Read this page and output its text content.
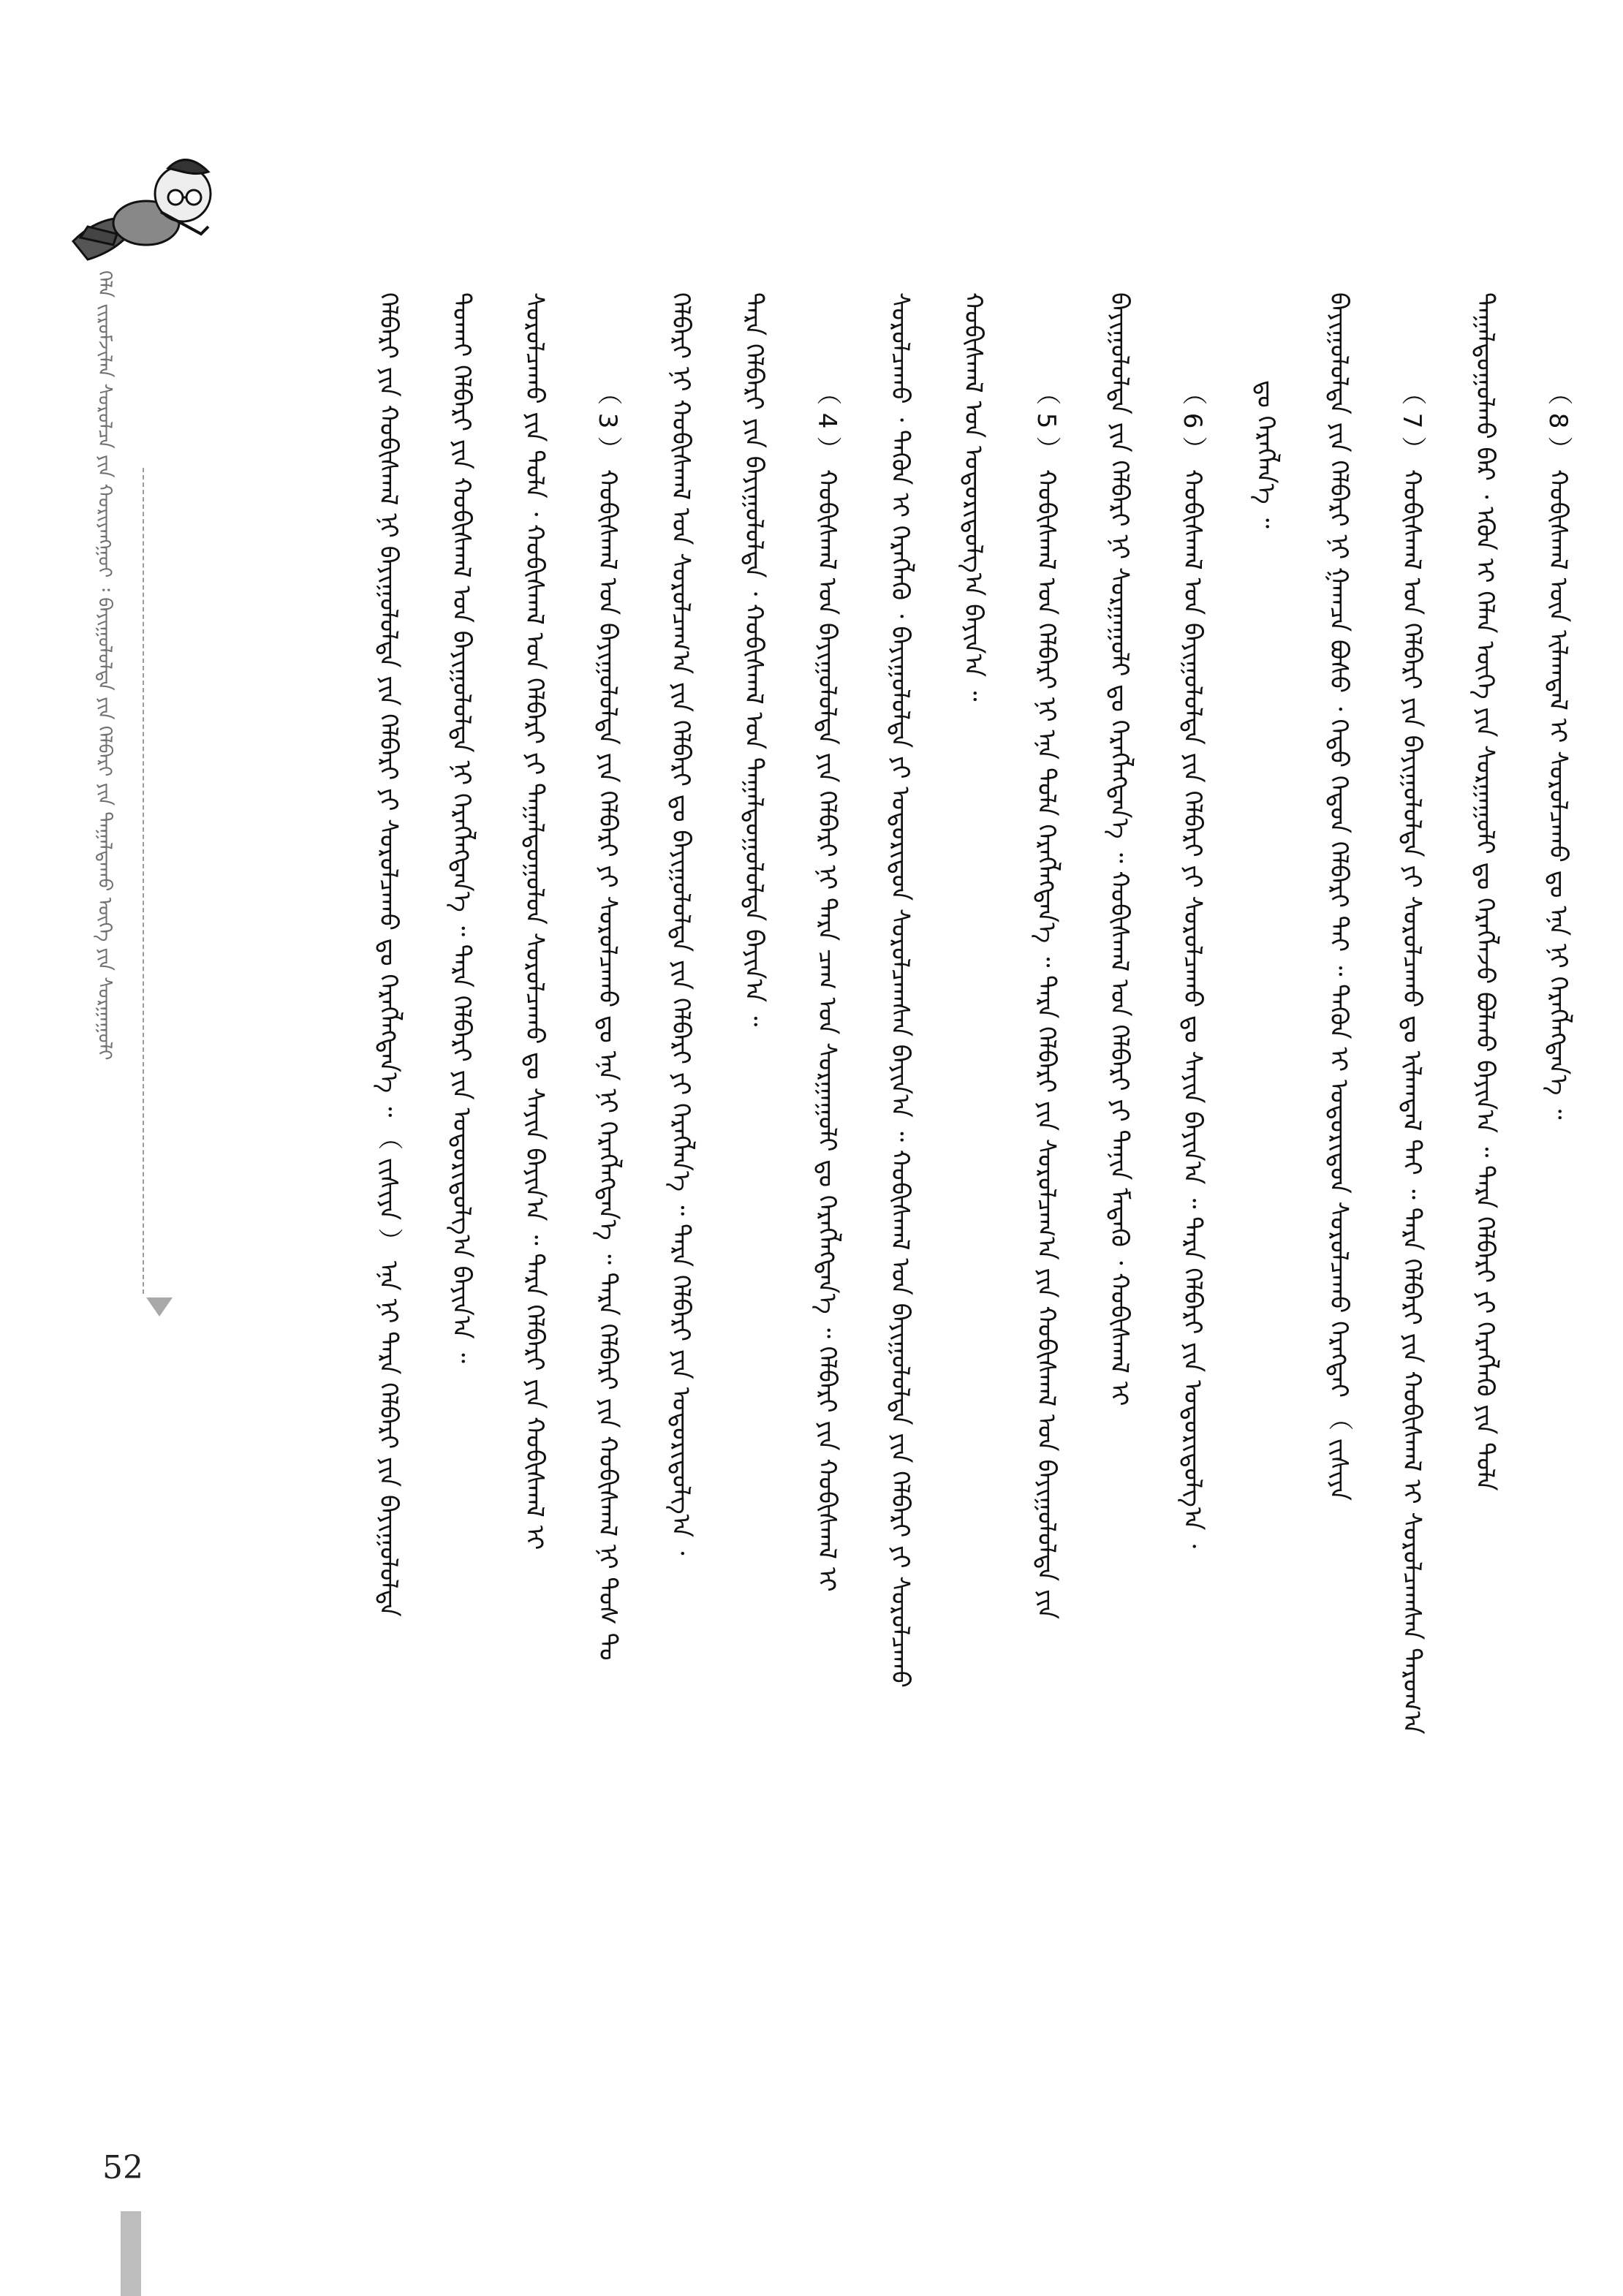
ᠬᠡᠯᠡ ᠵᠢᠷᠤᠮᠵᠢᠯᠠᠨ ᠰᠤᠷᠤᠯᠴᠠ ᠶᠢᠨ ᠬᠤᠷᠢᠶᠠᠩᠭᠤᠢ ᠄ ᠪᠠᠶᠢᠭᠤᠯᠤᠯᠲᠠ ᠶᠢᠨ ᠬᠡᠯᠪᠡᠷᠢ ᠶᠢᠨ ᠳᠠᠭᠠᠯᠳᠠᠬᠤ ᠦᠭᠡ ᠶᠢᠨ ᠰᠤᠷᠭᠠᠭᠤᠯᠢ	（ 8 ） ᠬᠤᠪᠢᠰᠬᠠᠯ ᠦᠨ ᠢᠯᠠᠭᠳᠠᠯ ᠢ ᠰᠤᠷᠤᠯᠴᠠᠬᠤ ᠳᠤ ᠡᠨᠡ ᠨᠢ ᠬᠡᠷᠡᠭᠯᠡᠭᠳᠡᠨ᠎ᠡ ᠃
ᠳᠠᠭᠠᠯᠳᠤᠭᠤᠯᠬᠤ ᠪᠡᠷ ᠂ ᠡᠭᠦᠨ ᠢ ᠬᠡᠯᠡᠨ ᠦᠭᠡ ᠶᠢᠨ ᠰᠤᠷᠭᠠᠭᠤᠯᠢ ᠳᠤ ᠬᠡᠷᠡᠭᠯᠡᠵᠦ ᠪᠣᠯᠬᠤ ᠪᠠᠶᠢᠨ᠎ᠠ ᠃ ᠲᠡᠷᠡ ᠬᠡᠯᠪᠡᠷᠢ ᠶᠢ ᠬᠡᠷᠡᠭᠯᠡᠬᠦ ᠶᠢᠨ ᠲᠤᠯᠠ
（ 7 ） ᠬᠤᠪᠢᠰᠬᠠᠯ ᠤᠨ ᠬᠡᠯᠪᠡᠷᠢ ᠶᠢᠨ ᠪᠠᠶᠢᠭᠤᠯᠤᠯᠲᠠ ᠶᠢ ᠰᠤᠷᠤᠯᠴᠠᠬᠤ ᠳᠤ ᠢᠯᠠᠭᠳᠠᠯ ᠲᠠᠶ ᠃ ᠲᠡᠷᠡ ᠬᠡᠯᠪᠡᠷᠢ ᠶᠢᠨ ᠬᠤᠪᠢᠰᠬᠠᠯ ᠢ ᠰᠤᠷᠤᠯᠴᠠᠭᠰᠠᠨ ᠳᠠᠷᠤᠭ᠎ᠠ
ᠪᠠᠶᠢᠭᠤᠯᠤᠯᠲᠠ ᠶᠢᠨ ᠬᠡᠯᠪᠡᠷᠢ ᠨᠢ ᠭᠠᠭᠴᠠ ᠪᠤᠰᠤ ᠂ ᠬᠡᠳᠦ ᠬᠡᠳᠦᠨ ᠬᠡᠯᠪᠡᠷᠢ ᠲᠠᠶ ᠃ ᠲᠡᠭᠦᠨ ᠢ ᠤᠳᠤᠷᠢᠳᠤᠨ ᠰᠤᠷᠤᠯᠴᠠᠬᠤ ᠬᠡᠷᠡᠭᠲᠡᠢ （ ᠵᠢᠱᠢᠶᠡ
ᠳᠤ ᠬᠡᠷᠡᠭᠯᠡᠨ᠎ᠡ ᠃
（ 6 ） ᠬᠤᠪᠢᠰᠬᠠᠯ ᠤᠨ ᠪᠠᠶᠢᠭᠤᠯᠤᠯᠲᠠ ᠶᠢᠨ ᠬᠡᠯᠪᠡᠷᠢ ᠶᠢ ᠰᠤᠷᠤᠯᠴᠠᠬᠤ ᠳᠤ ᠰᠠᠶᠢᠨ ᠪᠠᠶᠢᠨ᠎ᠠ ᠃ ᠲᠡᠷᠡ ᠬᠡᠯᠪᠡᠷᠢ ᠶᠢᠨ ᠤᠳᠤᠷᠢᠳᠤᠯᠭ᠎ᠠ ᠂
ᠪᠠᠶᠢᠭᠤᠯᠤᠯᠲᠠ ᠶᠢᠨ ᠬᠡᠯᠪᠡᠷᠢ ᠨᠢ ᠰᠤᠷᠭᠠᠭᠤᠯᠢ ᠳᠤ ᠬᠡᠷᠡᠭᠯᠡᠭᠳᠡᠨ᠎ᠡ ᠃ ᠬᠤᠪᠢᠰᠬᠠᠯ ᠤᠨ ᠬᠡᠯᠪᠡᠷᠢ ᠶᠢ ᠲᠠᠨᠢᠨ ᠮᠡᠳᠡᠬᠦ ᠂ ᠬᠤᠪᠢᠰᠬᠠᠯ ᠢ
（ 5 ） ᠬᠤᠪᠢᠰᠬᠠᠯ ᠤᠨ ᠬᠡᠯᠪᠡᠷᠢ ᠨᠢ ᠡᠨᠡ ᠲᠤᠯᠠ ᠬᠡᠷᠡᠭᠯᠡᠭᠳᠡᠨ᠎ᠡ ᠃ ᠲᠡᠷᠡ ᠬᠡᠯᠪᠡᠷᠢ ᠶᠢᠨ ᠰᠤᠷᠤᠯᠴᠠᠭ᠎ᠠ ᠶᠢᠨ ᠬᠤᠪᠢᠰᠬᠠᠯ ᠤᠨ ᠪᠠᠶᠢᠭᠤᠯᠤᠯᠲᠠ ᠶᠢᠨ
ᠬᠤᠪᠢᠰᠬᠠᠯ ᠤᠨ ᠤᠳᠤᠷᠢᠳᠤᠯᠭ᠎ᠠ ᠪᠠᠶᠢᠨ᠎ᠠ ᠃
ᠰᠤᠷᠤᠯᠴᠠᠬᠤ ᠂ ᠲᠡᠭᠦᠨ ᠢ ᠬᠡᠷᠡᠭᠯᠡᠬᠦ ᠂ ᠪᠠᠶᠢᠭᠤᠯᠤᠯᠲᠠ ᠶᠢ ᠤᠳᠤᠷᠢᠳᠤᠨ ᠰᠤᠷᠤᠯᠴᠠᠭᠰᠠᠨ ᠪᠠᠶᠢᠨ᠎ᠠ ᠃ ᠬᠤᠪᠢᠰᠬᠠᠯ ᠤᠨ ᠪᠠᠶᠢᠭᠤᠯᠤᠯᠲᠠ ᠶᠢᠨ ᠬᠡᠯᠪᠡᠷᠢ ᠶᠢ ᠰᠤᠷᠤᠯᠴᠠᠬᠤ
（ 4 ） ᠬᠤᠪᠢᠰᠬᠠᠯ ᠤᠨ ᠪᠠᠶᠢᠭᠤᠯᠤᠯᠲᠠ ᠶᠢᠨ ᠬᠡᠯᠪᠡᠷᠢ ᠨᠢ ᠲᠡᠷᠡ ᠴᠠᠭ ᠤᠨ ᠰᠤᠷᠭᠠᠭᠤᠯᠢ ᠳᠤ ᠬᠡᠷᠡᠭᠯᠡᠭᠳᠡᠨ᠎ᠡ ᠃ ᠬᠡᠯᠪᠡᠷᠢ ᠶᠢᠨ ᠬᠤᠪᠢᠰᠬᠠᠯ ᠢ
ᠲᠡᠷᠡ ᠬᠡᠯᠪᠡᠷᠢ ᠶᠢᠨ ᠪᠠᠶᠢᠭᠤᠯᠤᠯᠲᠠ ᠂ ᠬᠤᠪᠢᠰᠬᠠᠯ ᠤᠨ ᠳᠠᠭᠠᠯᠳᠤᠭᠤᠯᠤᠯᠲᠠ ᠪᠠᠶᠢᠨ᠎ᠠ ᠃
ᠬᠡᠯᠪᠡᠷᠢ ᠨᠢ ᠬᠤᠪᠢᠰᠬᠠᠯ ᠤᠨ ᠰᠤᠷᠤᠯᠴᠠᠭ᠎ᠠ ᠶᠢᠨ ᠬᠡᠯᠪᠡᠷᠢ ᠳᠤ ᠪᠠᠶᠢᠭᠤᠯᠤᠯᠲᠠ ᠶᠢᠨ ᠬᠡᠯᠪᠡᠷᠢ ᠶᠢ ᠬᠡᠷᠡᠭᠯᠡᠨ᠎ᠡ ᠃ ᠲᠡᠷᠡ ᠬᠡᠯᠪᠡᠷᠢ ᠶᠢᠨ ᠤᠳᠤᠷᠢᠳᠤᠯᠭ᠎ᠠ ᠂
（ 3 ） ᠬᠤᠪᠢᠰᠬᠠᠯ ᠤᠨ ᠪᠠᠶᠢᠭᠤᠯᠤᠯᠲᠠ ᠶᠢᠨ ᠬᠡᠯᠪᠡᠷᠢ ᠶᠢ ᠰᠤᠷᠤᠯᠴᠠᠬᠤ ᠳᠤ ᠡᠨᠡ ᠨᠢ ᠬᠡᠷᠡᠭᠯᠡᠭᠳᠡᠨ᠎ᠡ ᠃ ᠲᠡᠷᠡ ᠬᠡᠯᠪᠡᠷᠢ ᠶᠢᠨ ᠬᠤᠪᠢᠰᠬᠠᠯ ᠨᠢ ᠲᠤᠰ ᠲᠤ
ᠰᠤᠷᠤᠯᠴᠠᠬᠤ ᠶᠢᠨ ᠲᠤᠯᠠ ᠂ ᠬᠤᠪᠢᠰᠬᠠᠯ ᠤᠨ ᠬᠡᠯᠪᠡᠷᠢ ᠶᠢ ᠳᠠᠭᠠᠯᠳᠤᠭᠤᠯᠤᠨ ᠰᠤᠷᠤᠯᠴᠠᠬᠤ ᠳᠤ ᠰᠠᠶᠢᠨ ᠪᠠᠶᠢᠨ᠎ᠠ ᠃ ᠲᠡᠷᠡ ᠬᠡᠯᠪᠡᠷᠢ ᠶᠢᠨ ᠬᠤᠪᠢᠰᠬᠠᠯ ᠢ
ᠲᠤᠬᠠᠢ ᠬᠡᠯᠪᠡᠷᠢ ᠶᠢᠨ ᠬᠤᠪᠢᠰᠬᠠᠯ ᠤᠨ ᠪᠠᠶᠢᠭᠤᠯᠤᠯᠲᠠ ᠨᠢ ᠬᠡᠷᠡᠭᠯᠡᠭᠳᠡᠨ᠎ᠡ ᠃ ᠲᠡᠷᠡ ᠬᠡᠯᠪᠡᠷᠢ ᠶᠢᠨ ᠤᠳᠤᠷᠢᠳᠤᠯᠭ᠎ᠠ ᠪᠠᠶᠢᠨ᠎ᠠ ᠃
ᠬᠡᠯᠪᠡᠷᠢ ᠶᠢᠨ ᠬᠤᠪᠢᠰᠬᠠᠯ ᠨᠢ ᠪᠠᠶᠢᠭᠤᠯᠤᠯᠲᠠ ᠶᠢᠨ ᠬᠡᠯᠪᠡᠷᠢ ᠶᠢ ᠰᠤᠷᠤᠯᠴᠠᠬᠤ ᠳᠤ ᠬᠡᠷᠡᠭᠯᠡᠭᠳᠡᠨ᠎ᠡ ᠃ （ ᠵᠢᠱᠢᠶᠡ ） ᠡᠨᠡ ᠨᠢ ᠲᠡᠷᠡ ᠬᠡᠯᠪᠡᠷᠢ ᠶᠢᠨ ᠪᠠᠶᠢᠭᠤᠯᠤᠯᠲᠠ
52
